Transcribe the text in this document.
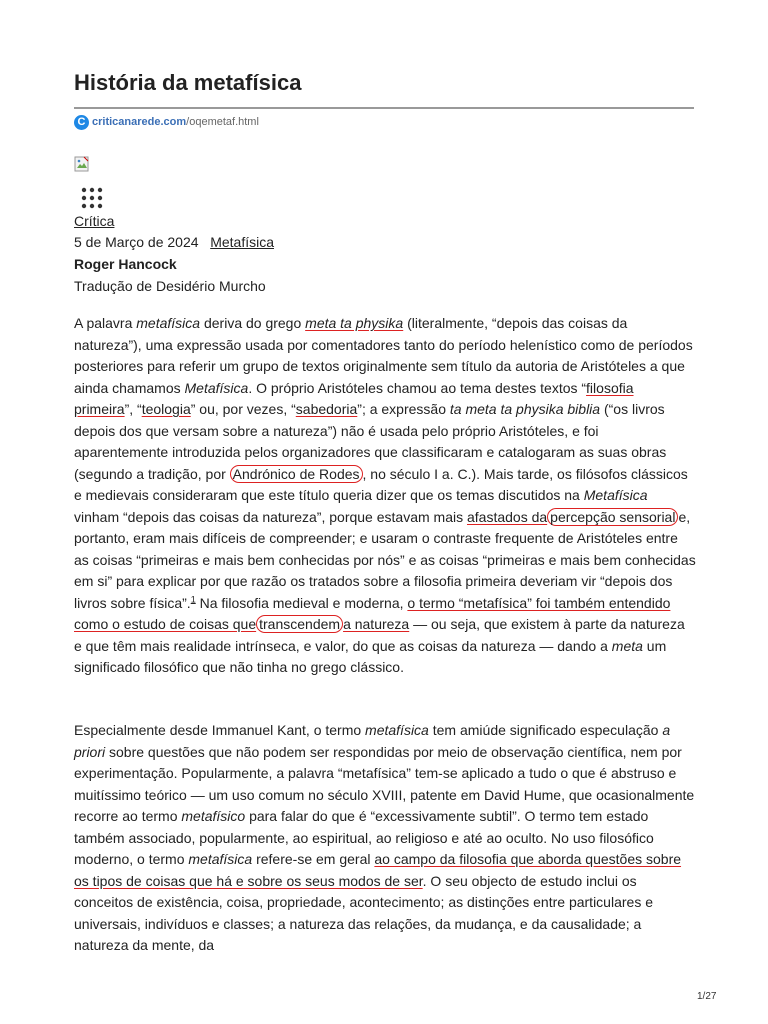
História da metafísica
C criticanarede.com /oqemetaf.html
Crítica
5 de Março de 2024 Metafísica
Roger Hancock
Tradução de Desidério Murcho

A palavra metafísica deriva do grego meta ta physika (literalmente, “depois das coisas da natureza”), uma expressão usada por comentadores tanto do período helenístico como de períodos posteriores para referir um grupo de textos originalmente sem título da autoria de Aristóteles a que ainda chamamos Metafísica. O próprio Aristóteles chamou ao tema destes textos “filosofia primeira”, “teologia” ou, por vezes, “sabedoria”; a expressão ta meta ta physika biblia (“os livros depois dos que versam sobre a natureza”) não é usada pelo próprio Aristóteles, e foi aparentemente introduzida pelos organizadores que classificaram e catalogaram as suas obras (segundo a tradição, por Andrónico de Rodes , no século I a. C.). Mais tarde, os filósofos clássicos e medievais consideraram que este título queria dizer que os temas discutidos na Metafísica vinham “depois das coisas da natureza”, porque estavam mais afastados da percepção sensorial e, portanto, eram mais difíceis de compreender; e usaram o contraste frequente de Aristóteles entre as coisas “primeiras e mais bem conhecidas por nós” e as coisas “primeiras e mais bem conhecidas em si” para explicar por que razão os tratados sobre a filosofia primeira deveriam vir “depois dos livros sobre física”.$^1$ Na filosofia medieval e moderna, o termo “metafísica” foi também entendido como o estudo de coisas que transcendem a natureza — ou seja, que existem à parte da natureza e que têm mais realidade intrínseca, e valor, do que as coisas da natureza — dando a meta um significado filosófico que não tinha no grego clássico.

Especialmente desde Immanuel Kant, o termo metafísica tem amiúde significado especulação a priori sobre questões que não podem ser respondidas por meio de observação científica, nem por experimentação. Popularmente, a palavra “metafísica” tem-se aplicado a tudo o que é abstruso e muitíssimo teórico — um uso comum no século XVIII, patente em David Hume, que ocasionalmente recorre ao termo metafísico para falar do que é “excessivamente subtil”. O termo tem estado também associado, popularmente, ao espiritual, ao religioso e até ao oculto. No uso filosófico moderno, o termo metafísica refere-se em geral ao campo da filosofia que aborda questões sobre os tipos de coisas que há e sobre os seus modos de ser. O seu objecto de estudo inclui os conceitos de existência, coisa, propriedade, acontecimento; as distinções entre particulares e universais, indivíduos e classes; a natureza das relações, da mudança, e da causalidade; a natureza da mente, da

1/27
